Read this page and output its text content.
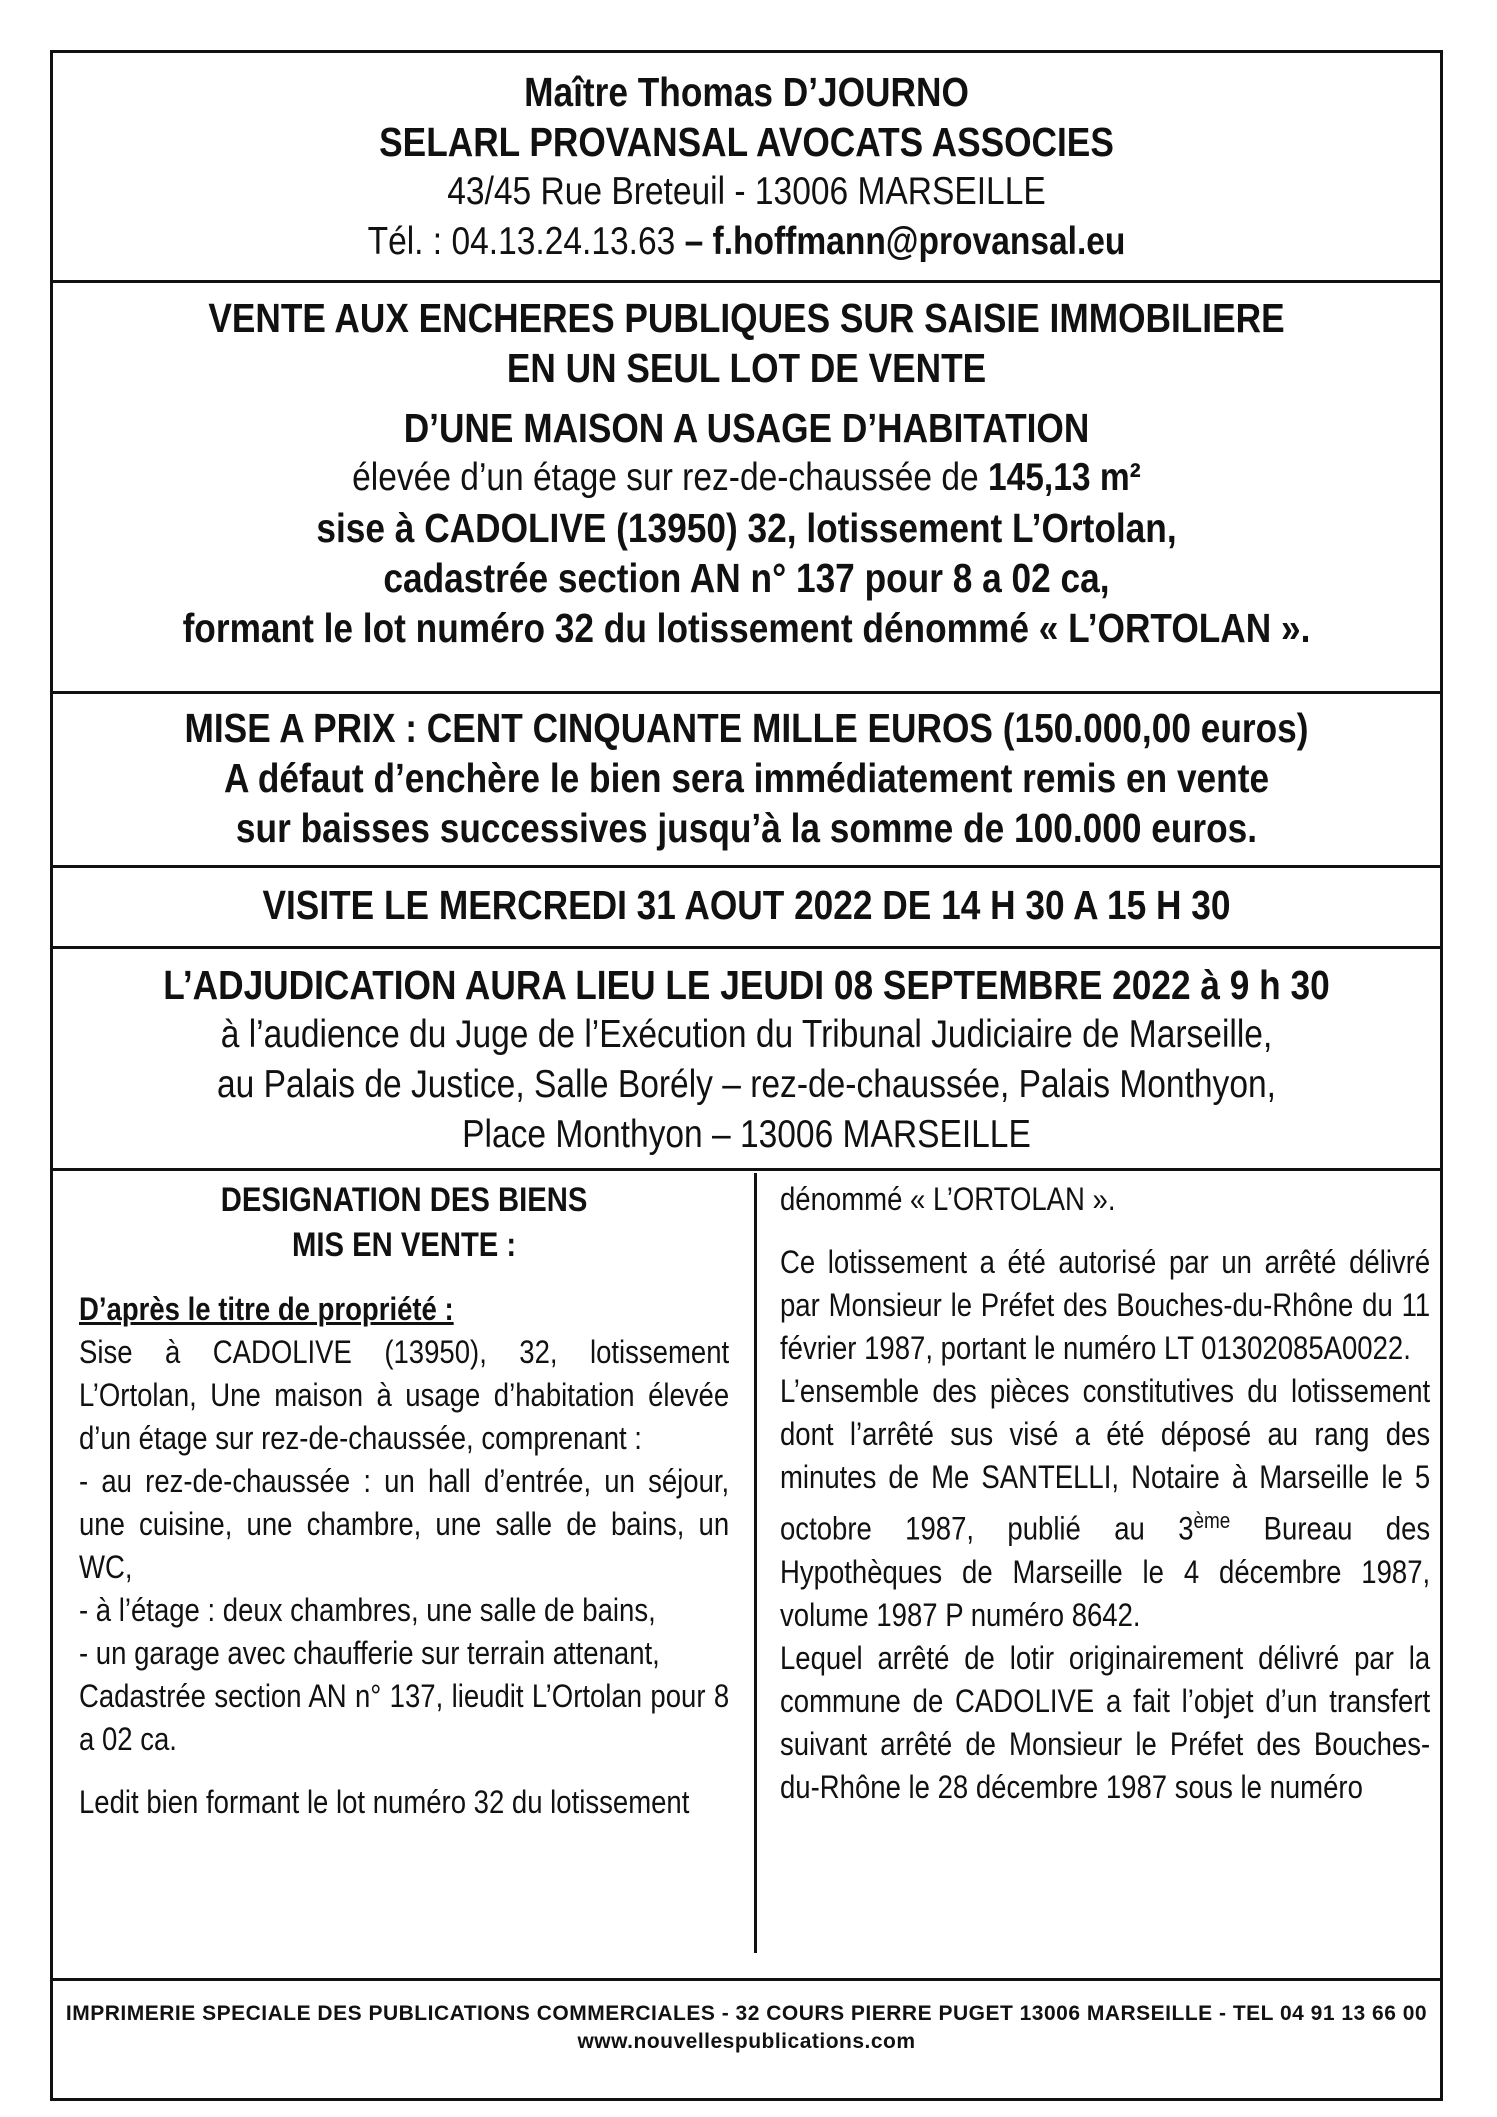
Maître Thomas D’JOURNO
SELARL PROVANSAL AVOCATS ASSOCIES
43/45 Rue Breteuil - 13006 MARSEILLE
Tél. : 04.13.24.13.63 – f.hoffmann@provansal.eu
VENTE AUX ENCHERES PUBLIQUES SUR SAISIE IMMOBILIERE
EN UN SEUL LOT DE VENTE
D’UNE MAISON A USAGE D’HABITATION
élevée d’un étage sur rez-de-chaussée de 145,13 m²
sise à CADOLIVE (13950) 32, lotissement L’Ortolan,
cadastrée section AN n° 137 pour 8 a 02 ca,
formant le lot numéro 32 du lotissement dénommé « L’ORTOLAN ».
MISE A PRIX : CENT CINQUANTE MILLE EUROS (150.000,00 euros)
A défaut d’enchère le bien sera immédiatement remis en vente
sur baisses successives jusqu’à la somme de 100.000 euros.
VISITE LE MERCREDI 31 AOUT 2022 DE 14 H 30 A 15 H 30
L’ADJUDICATION AURA LIEU LE JEUDI 08 SEPTEMBRE 2022 à 9 h 30
à l’audience du Juge de l’Exécution du Tribunal Judiciaire de Marseille,
au Palais de Justice, Salle Borély – rez-de-chaussée, Palais Monthyon,
Place Monthyon – 13006 MARSEILLE
DESIGNATION DES BIENS
MIS EN VENTE :

D’après le titre de propriété :

Sise à CADOLIVE (13950), 32, lotissement L’Ortolan, Une maison à usage d’habitation élevée d’un étage sur rez-de-chaussée, comprenant :

- au rez-de-chaussée : un hall d’entrée, un séjour, une cuisine, une chambre, une salle de bains, un WC,

- à l’étage : deux chambres, une salle de bains,

- un garage avec chaufferie sur terrain attenant,

Cadastrée section AN n° 137, lieudit L’Ortolan pour 8 a 02 ca.

Ledit bien formant le lot numéro 32 du lotissement

dénommé « L’ORTOLAN ».

Ce lotissement a été autorisé par un arrêté délivré par Monsieur le Préfet des Bouches-du-Rhône du 11 février 1987, portant le numéro LT 01302085A0022.

L’ensemble des pièces constitutives du lotissement dont l’arrêté sus visé a été déposé au rang des minutes de Me SANTELLI, Notaire à Marseille le 5 octobre 1987, publié au 3ème Bureau des Hypothèques de Marseille le 4 décembre 1987, volume 1987 P numéro 8642.

Lequel arrêté de lotir originairement délivré par la commune de CADOLIVE a fait l’objet d’un transfert suivant arrêté de Monsieur le Préfet des Bouches-du-Rhône le 28 décembre 1987 sous le numéro

IMPRIMERIE SPECIALE DES PUBLICATIONS COMMERCIALES - 32 COURS PIERRE PUGET 13006 MARSEILLE - TEL 04 91 13 66 00
www.nouvellespublications.com
